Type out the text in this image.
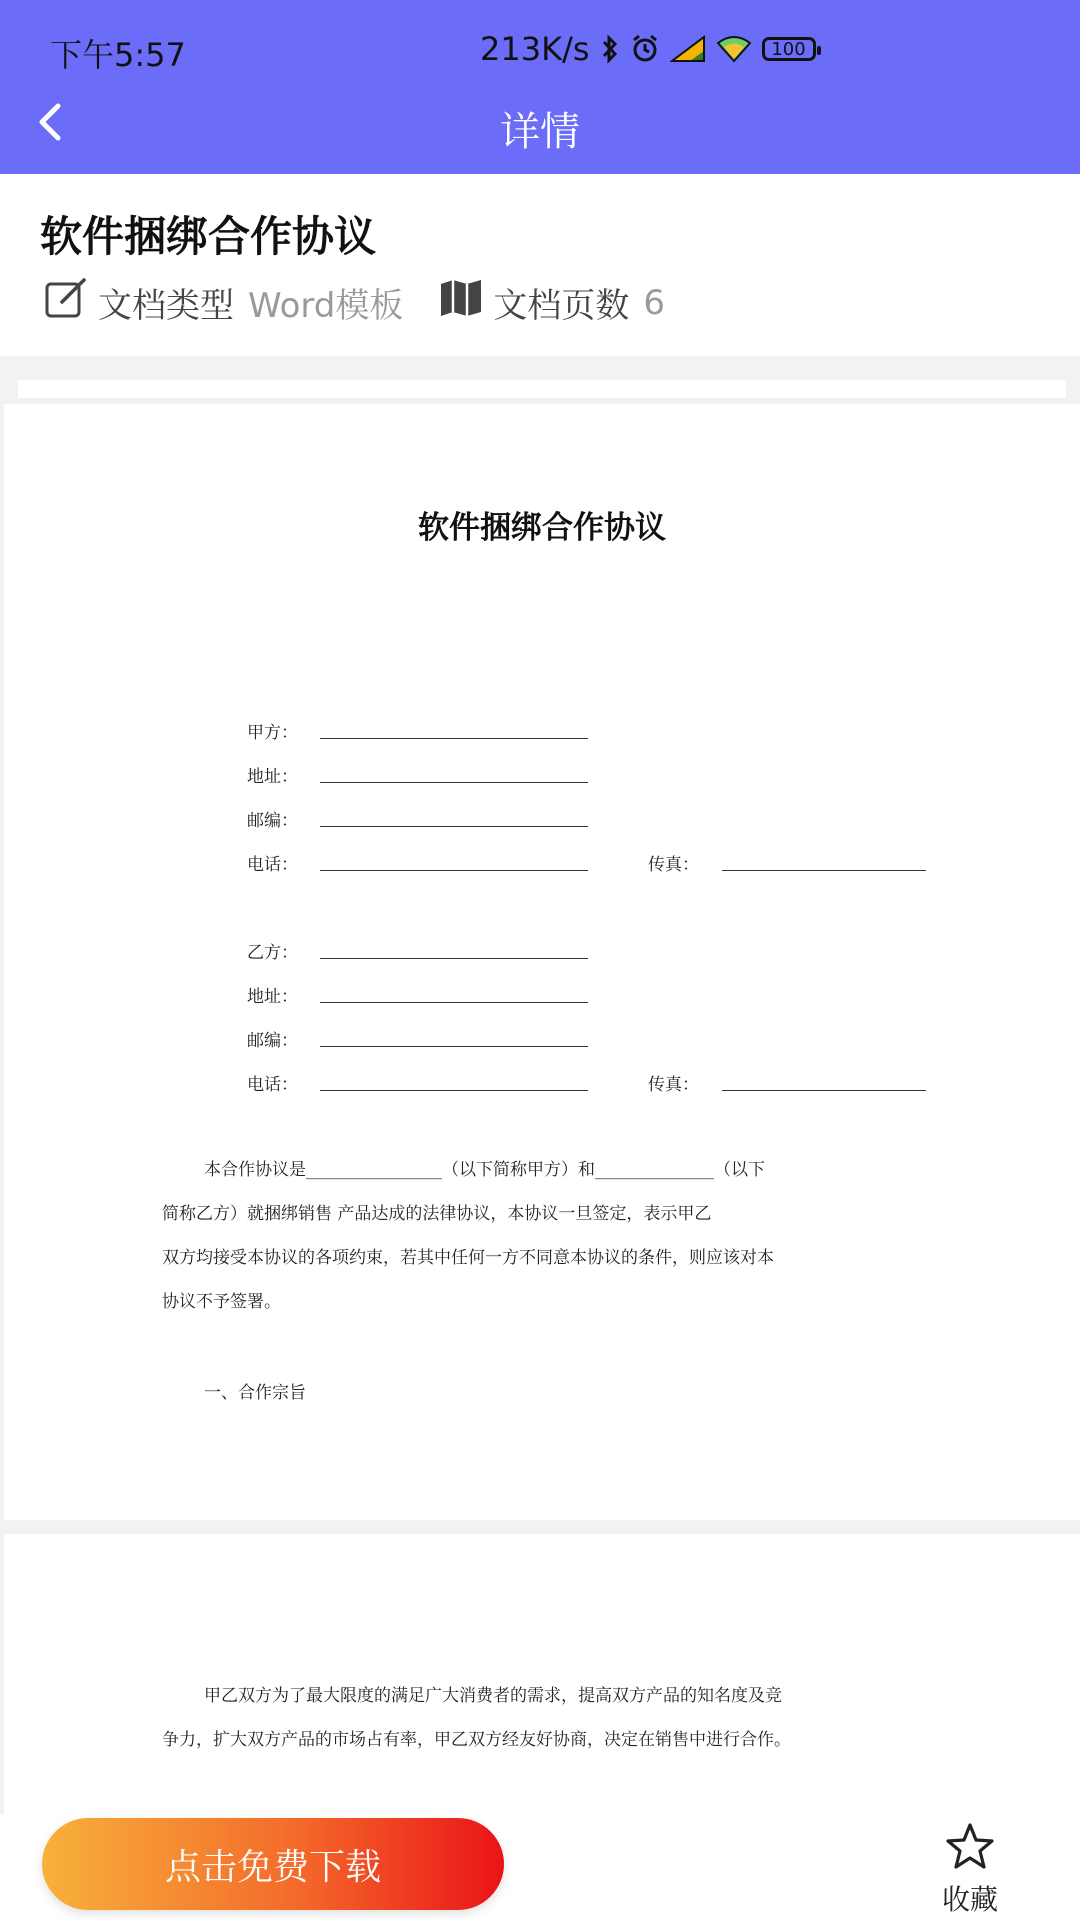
下午5:57	213K/s	100
详情
软件捆绑合作协议
文档类型 Word模板	文档页数 6
软件捆绑合作协议
甲方：
地址：
邮编：
电话：	传真：
乙方：
地址：
邮编：
电话：	传真：
本合作协议是________________（以下简称甲方）和______________（以下
简称乙方）就捆绑销售 产品达成的法律协议，本协议一旦签定，表示甲乙
双方均接受本协议的各项约束，若其中任何一方不同意本协议的条件，则应该对本
协议不予签署。
一、合作宗旨
甲乙双方为了最大限度的满足广大消费者的需求，提高双方产品的知名度及竞
争力，扩大双方产品的市场占有率，甲乙双方经友好协商，决定在销售中进行合作。
点击免费下载
收藏
